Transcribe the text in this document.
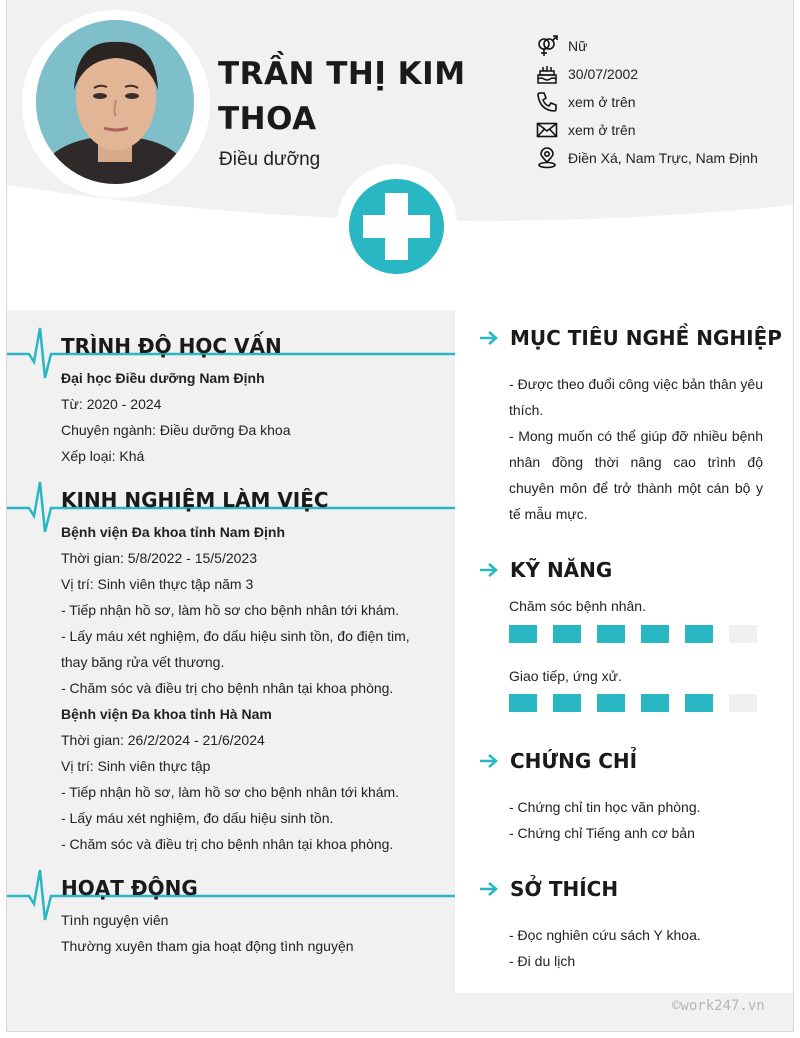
TRẦN THỊ KIM
THOA
Điều dưỡng
Nữ
30/07/2002
xem ở trên
xem ở trên
Điền Xá, Nam Trực, Nam Định
TRÌNH ĐỘ HỌC VẤN
Đại học Điều dưỡng Nam Định
Từ: 2020 - 2024
Chuyên ngành: Điều dưỡng Đa khoa
Xếp loại: Khá
KINH NGHIỆM LÀM VIỆC
Bệnh viện Đa khoa tỉnh Nam Định
Thời gian: 5/8/2022 - 15/5/2023
Vị trí: Sinh viên thực tập năm 3
- Tiếp nhận hồ sơ, làm hồ sơ cho bệnh nhân tới khám.
- Lấy máu xét nghiệm, đo dấu hiệu sinh tồn, đo điện tim,
thay băng rửa vết thương.
- Chăm sóc và điều trị cho bệnh nhân tại khoa phòng.
Bệnh viện Đa khoa tỉnh Hà Nam
Thời gian: 26/2/2024 - 21/6/2024
Vị trí: Sinh viên thực tập
- Tiếp nhận hồ sơ, làm hồ sơ cho bệnh nhân tới khám.
- Lấy máu xét nghiệm, đo dấu hiệu sinh tồn.
- Chăm sóc và điều trị cho bệnh nhân tại khoa phòng.
HOẠT ĐỘNG
Tình nguyện viên
Thường xuyên tham gia hoạt động tình nguyện
MỤC TIÊU NGHỀ NGHIỆP
- Được theo đuổi công việc bản thân yêu thích.
- Mong muốn có thể giúp đỡ nhiều bệnh nhân đồng thời nâng cao trình độ chuyên môn để trở thành một cán bộ y tế mẫu mực.
KỸ NĂNG
Chăm sóc bệnh nhân.
Giao tiếp, ứng xử.
CHỨNG CHỈ
- Chứng chỉ tin học văn phòng.
- Chứng chỉ Tiếng anh cơ bản
SỞ THÍCH
- Đọc nghiên cứu sách Y khoa.
- Đi du lịch
©work247.vn
